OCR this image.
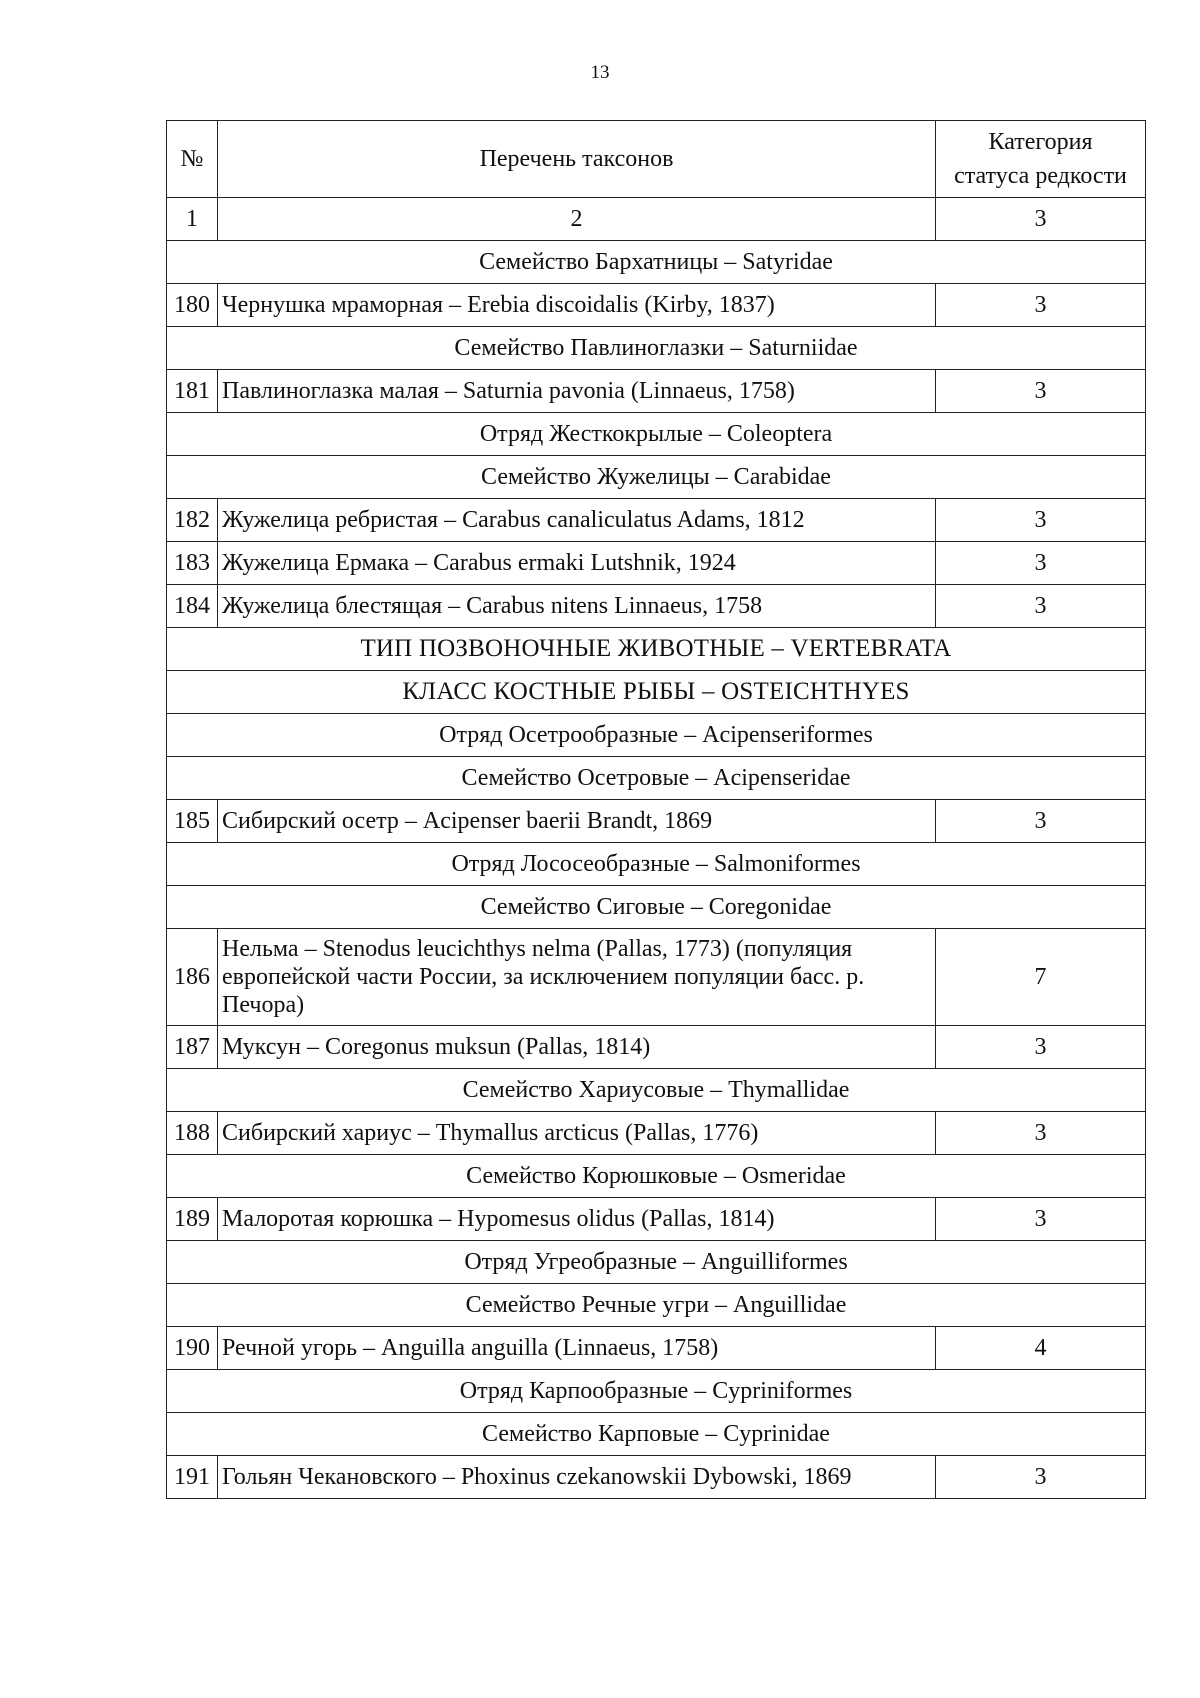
13
№	Перечень таксонов	Категория
статуса редкости

1	2	3
Семейство Бархатницы – Satyridae		
180	Чернушка мраморная – Erebia discoidalis (Kirby, 1837)	3
Семейство Павлиноглазки – Saturniidae		
181	Павлиноглазка малая – Saturnia pavonia (Linnaeus, 1758)	3
Отряд Жесткокрылые – Coleoptera		
Семейство Жужелицы – Carabidae		
182	Жужелица ребристая – Carabus canaliculatus Adams, 1812	3
183	Жужелица Ермака – Carabus ermaki Lutshnik, 1924	3
184	Жужелица блестящая – Carabus nitens Linnaeus, 1758	3
ТИП ПОЗВОНОЧНЫЕ ЖИВОТНЫЕ – VERTEBRATA		
КЛАСС КОСТНЫЕ РЫБЫ – OSTEICHTHYES		
Отряд Осетрообразные – Acipenseriformes		
Семейство Осетровые – Acipenseridae		
185	Сибирский осетр – Acipenser baerii Brandt, 1869	3
Отряд Лососеобразные – Salmoniformes		
Семейство Сиговые – Coregonidae		
186	Нельма – Stenodus leucichthys nelma (Pallas, 1773) (популяция европейской части России, за исключением популяции басс. р. Печора)	7
187	Муксун – Coregonus muksun (Pallas, 1814)	3
Семейство Хариусовые – Thymallidae		
188	Сибирский хариус – Thymallus arcticus (Pallas, 1776)	3
Семейство Корюшковые – Osmeridae		
189	Малоротая корюшка – Hypomesus olidus (Pallas, 1814)	3
Отряд Угреобразные – Anguilliformes		
Семейство Речные угри – Anguillidae		
190	Речной угорь – Anguilla anguilla (Linnaeus, 1758)	4
Отряд Карпообразные – Cypriniformes		
Семейство Карповые – Cyprinidae		
191	Гольян Чекановского – Phoxinus czekanowskii Dybowski, 1869	3
